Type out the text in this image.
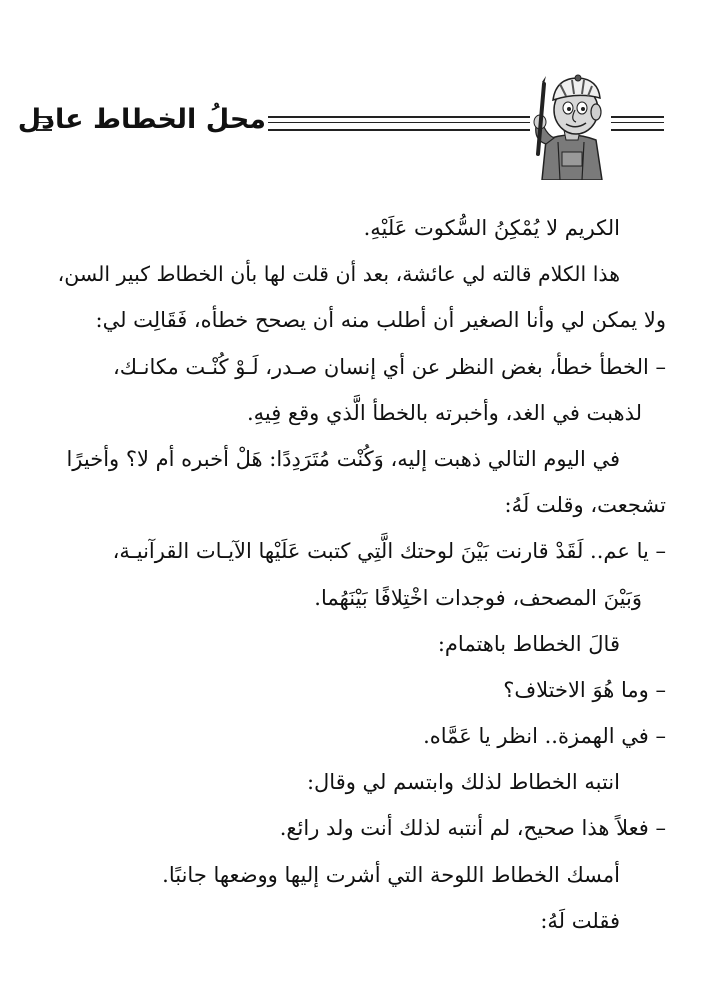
محلُ الخطاط عادل
الكريم لا يُمْكِنُ السُّكوت عَلَيْهِ.
هذا الكلام قالته لي عائشة، بعد أن قلت لها بأن الخطاط كبير السن،
ولا يمكن لي وأنا الصغير أن أطلب منه أن يصحح خطأه، فَقَالِت لي:
– الخطأ خطأ، بغض النظر عن أي إنسان صـدر، لَـوْ كُنْـت مكانـك،
لذهبت في الغد، وأخبرته بالخطأ الَّذي وقع فِيهِ.
في اليوم التالي ذهبت إليه، وَكُنْت مُتَرَدِدًا: هَلْ أخبره أم لا؟ وأخيرًا
تشجعت، وقلت لَهُ:
– يا عم.. لَقَدْ قارنت بَيْنَ لوحتك الَّتِي كتبت عَلَيْها الآيـات القرآنيـة،
وَبَيْنَ المصحف، فوجدات اخْتِلافًا بَيْنَهُما.
قالَ الخطاط باهتمام:
– وما هُوَ الاختلاف؟
– في الهمزة.. انظر يا عَمَّاه.
انتبه الخطاط لذلك وابتسم لي وقال:
– فعلاً هذا صحيح، لم أنتبه لذلك أنت ولد رائع.
أمسك الخطاط اللوحة التي أشرت إليها ووضعها جانبًا.
فقلت لَهُ:
